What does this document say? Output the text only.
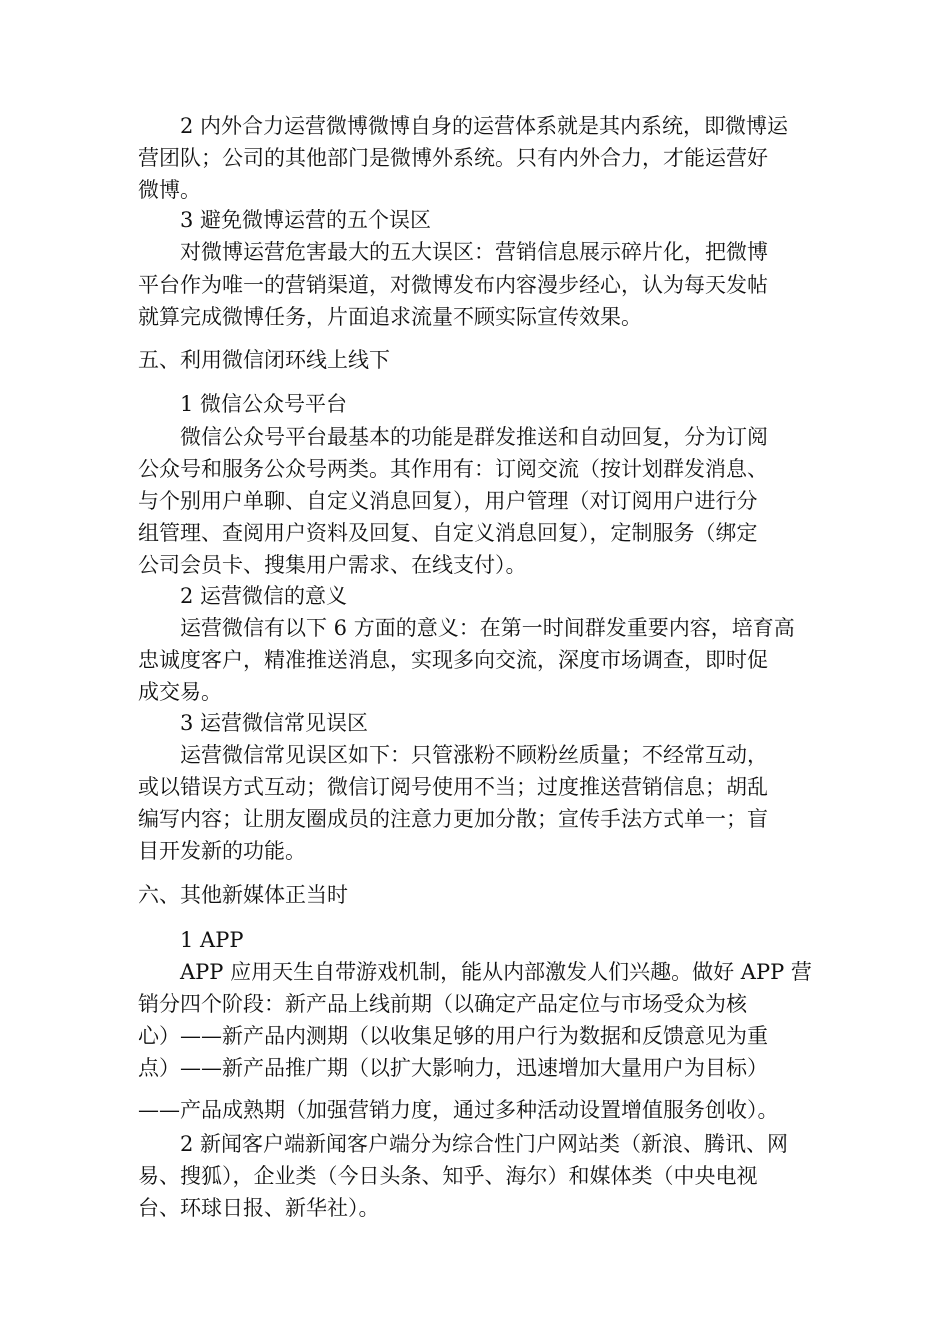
2 内外合力运营微博微博自身的运营体系就是其内系统，即微博运

营团队；公司的其他部门是微博外系统。只有内外合力，才能运营好

微博。

3 避免微博运营的五个误区

对微博运营危害最大的五大误区：营销信息展示碎片化，把微博

平台作为唯一的营销渠道，对微博发布内容漫步经心，认为每天发帖

就算完成微博任务，片面追求流量不顾实际宣传效果。

五、利用微信闭环线上线下

1 微信公众号平台

微信公众号平台最基本的功能是群发推送和自动回复，分为订阅

公众号和服务公众号两类。其作用有：订阅交流（按计划群发消息、

与个别用户单聊、自定义消息回复），用户管理（对订阅用户进行分

组管理、查阅用户资料及回复、自定义消息回复），定制服务（绑定

公司会员卡、搜集用户需求、在线支付）。

2 运营微信的意义

运营微信有以下 6 方面的意义：在第一时间群发重要内容，培育高

忠诚度客户，精准推送消息，实现多向交流，深度市场调查，即时促

成交易。

3 运营微信常见误区

运营微信常见误区如下：只管涨粉不顾粉丝质量；不经常互动，

或以错误方式互动；微信订阅号使用不当；过度推送营销信息；胡乱

编写内容；让朋友圈成员的注意力更加分散；宣传手法方式单一；盲

目开发新的功能。

六、其他新媒体正当时

1 APP

APP 应用天生自带游戏机制，能从内部激发人们兴趣。做好 APP 营

销分四个阶段：新产品上线前期（以确定产品定位与市场受众为核

心）——新产品内测期（以收集足够的用户行为数据和反馈意见为重

点）——新产品推广期（以扩大影响力，迅速增加大量用户为目标）

——产品成熟期（加强营销力度，通过多种活动设置增值服务创收）。

2 新闻客户端新闻客户端分为综合性门户网站类（新浪、腾讯、网

易、搜狐），企业类（今日头条、知乎、海尔）和媒体类（中央电视

台、环球日报、新华社）。
